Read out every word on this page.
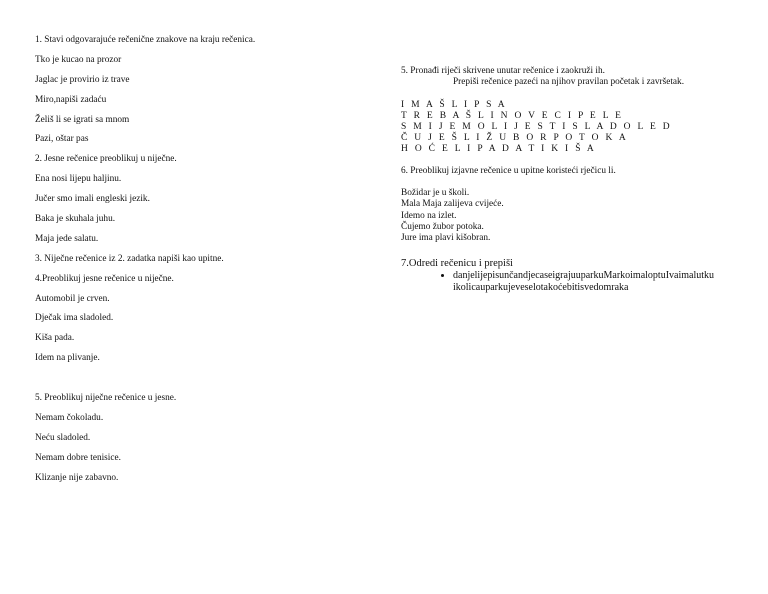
1. Stavi odgovarajuće rečenične znakove na kraju rečenica.

Tko je kucao na prozor

Jaglac je provirio iz trave

Miro,napiši zadaću

Želiš li se igrati sa mnom

Pazi, oštar pas

2. Jesne rečenice preoblikuj u niječne.

Ena nosi lijepu haljinu.

Jučer smo imali engleski jezik.

Baka je skuhala juhu.

Maja jede salatu.

3. Niječne rečenice iz 2. zadatka napiši kao upitne.

4.Preoblikuj jesne rečenice u niječne.

Automobil je crven.

Dječak ima sladoled.

Kiša pada.

Idem na plivanje.

5. Preoblikuj niječne rečenice u jesne.

Nemam čokoladu.

Neću sladoled.

Nemam dobre tenisice.

Klizanje nije zabavno.

5. Pronađi riječi skrivene unutar rečenice i zaokruži ih.
Prepiši rečenice pazeći na njihov pravilan početak i završetak.
I M A Š L I P S A
T R E B A Š L I N O V E C I P E L E
S M I J E M O L I J E S T I S L A D O L E D
Č U J E Š L I Ž U B O R P O T O K A
H O Ć E L I P A D A T I K I Š A
6. Preoblikuj izjavne rečenice u upitne koristeći rječicu li.
Božidar je u školi.
Mala Maja zalijeva cvijeće.
Idemo na izlet.
Čujemo žubor potoka.
Jure ima plavi kišobran.
7.Odredi rečenicu i prepiši
• danjelijepisunčandjecaseigrajuuparkuMarkoimaloptuIvaimalutku ikolicauparkujeveselotakoćebitisvedomraka
